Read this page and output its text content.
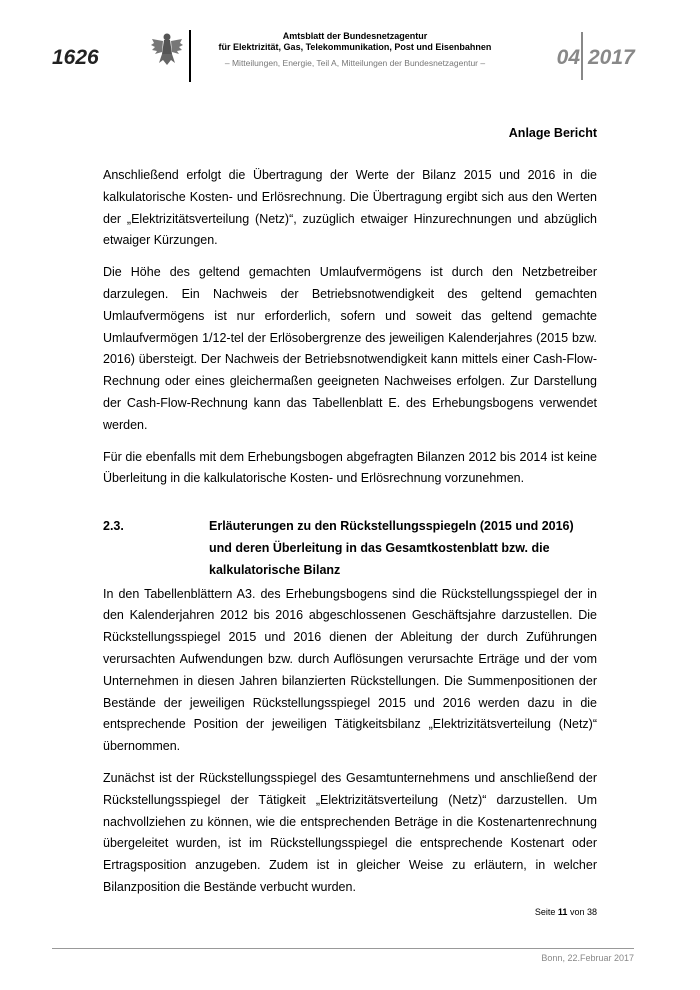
1626
Amtsblatt der Bundesnetzagentur
für Elektrizität, Gas, Telekommunikation, Post und Eisenbahnen
– Mitteilungen, Energie, Teil A, Mitteilungen der Bundesnetzagentur –	04 2017
Anlage Bericht

Anschließend erfolgt die Übertragung der Werte der Bilanz 2015 und 2016 in die kalkulatorische Kosten- und Erlösrechnung. Die Übertragung ergibt sich aus den Werten der „Elektrizitätsverteilung (Netz)“, zuzüglich etwaiger Hinzurechnungen und abzüglich etwaiger Kürzungen.

Die Höhe des geltend gemachten Umlaufvermögens ist durch den Netzbetreiber darzulegen. Ein Nachweis der Betriebsnotwendigkeit des geltend gemachten Umlaufvermögens ist nur erforderlich, sofern und soweit das geltend gemachte Umlaufvermögen 1/12-tel der Erlösobergrenze des jeweiligen Kalenderjahres (2015 bzw. 2016) übersteigt. Der Nachweis der Betriebsnotwendigkeit kann mittels einer Cash-Flow-Rechnung oder eines gleichermaßen geeigneten Nachweises erfolgen. Zur Darstellung der Cash-Flow-Rechnung kann das Tabellenblatt E. des Erhebungsbogens verwendet werden.

Für die ebenfalls mit dem Erhebungsbogen abgefragten Bilanzen 2012 bis 2014 ist keine Überleitung in die kalkulatorische Kosten- und Erlösrechnung vorzunehmen.

2.3.	Erläuterungen zu den Rückstellungsspiegeln (2015 und 2016) und deren Überleitung in das Gesamtkostenblatt bzw. die kalkulatorische Bilanz

In den Tabellenblättern A3. des Erhebungsbogens sind die Rückstellungsspiegel der in den Kalenderjahren 2012 bis 2016 abgeschlossenen Geschäftsjahre darzustellen. Die Rückstellungsspiegel 2015 und 2016 dienen der Ableitung der durch Zuführungen verursachten Aufwendungen bzw. durch Auflösungen verursachte Erträge und der vom Unternehmen in diesen Jahren bilanzierten Rückstellungen. Die Summenpositionen der Bestände der jeweiligen Rückstellungsspiegel 2015 und 2016 werden dazu in die entsprechende Position der jeweiligen Tätigkeitsbilanz „Elektrizitätsverteilung (Netz)“ übernommen.

Zunächst ist der Rückstellungsspiegel des Gesamtunternehmens und anschließend der Rückstellungsspiegel der Tätigkeit „Elektrizitätsverteilung (Netz)“ darzustellen. Um nachvollziehen zu können, wie die entsprechenden Beträge in die Kostenartenrechnung übergeleitet wurden, ist im Rückstellungsspiegel die entsprechende Kostenart oder Ertragsposition anzugeben. Zudem ist in gleicher Weise zu erläutern, in welcher Bilanzposition die Bestände verbucht wurden.

Seite 11 von 38
Bonn, 22.Februar 2017
